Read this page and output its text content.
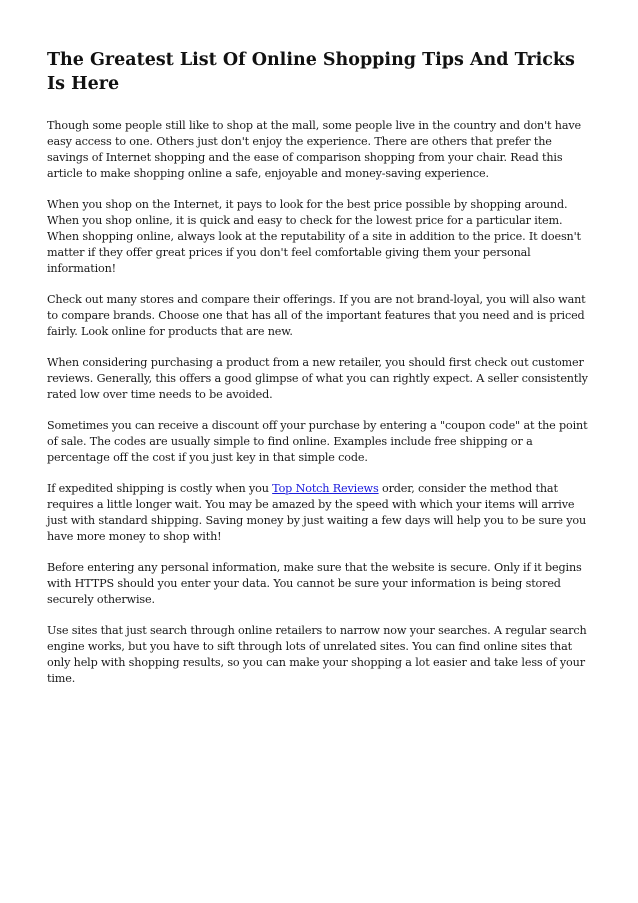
The Greatest List Of Online Shopping Tips And Tricks Is Here

Though some people still like to shop at the mall, some people live in the country and don't have easy access to one. Others just don't enjoy the experience. There are others that prefer the savings of Internet shopping and the ease of comparison shopping from your chair. Read this article to make shopping online a safe, enjoyable and money-saving experience.

When you shop on the Internet, it pays to look for the best price possible by shopping around. When you shop online, it is quick and easy to check for the lowest price for a particular item. When shopping online, always look at the reputability of a site in addition to the price. It doesn't matter if they offer great prices if you don't feel comfortable giving them your personal information!

Check out many stores and compare their offerings. If you are not brand-loyal, you will also want to compare brands. Choose one that has all of the important features that you need and is priced fairly. Look online for products that are new.

When considering purchasing a product from a new retailer, you should first check out customer reviews. Generally, this offers a good glimpse of what you can rightly expect. A seller consistently rated low over time needs to be avoided.

Sometimes you can receive a discount off your purchase by entering a "coupon code" at the point of sale. The codes are usually simple to find online. Examples include free shipping or a percentage off the cost if you just key in that simple code.

If expedited shipping is costly when you Top Notch Reviews order, consider the method that requires a little longer wait. You may be amazed by the speed with which your items will arrive just with standard shipping. Saving money by just waiting a few days will help you to be sure you have more money to shop with!

Before entering any personal information, make sure that the website is secure. Only if it begins with HTTPS should you enter your data. You cannot be sure your information is being stored securely otherwise.

Use sites that just search through online retailers to narrow now your searches. A regular search engine works, but you have to sift through lots of unrelated sites. You can find online sites that only help with shopping results, so you can make your shopping a lot easier and take less of your time.
